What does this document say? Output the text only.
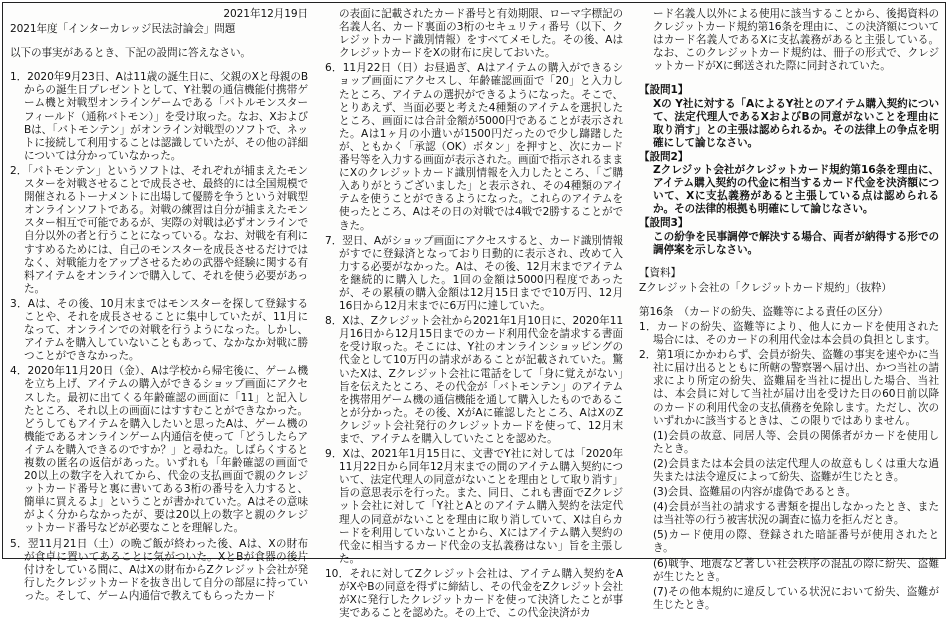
2021年12月19日
2021年度「インターカレッジ民法討論会」問題
以下の事実があるとき、下記の設問に答えなさい。
1．2020年9月23日、Aは11歳の誕生日に、父親のXと母親のBからの誕生日プレゼントとして、Y社製の通信機能付携帯ゲーム機と対戦型オンラインゲームである「バトルモンスターフィールド（通称バトモン）」を受け取った。なお、XおよびBは、「バトモンテン」がオンライン対戦型のソフトで、ネットに接続して利用することは認識していたが、その他の詳細については分かっていなかった。
2．「バトモンテン」というソフトは、それぞれが捕まえたモンスターを対戦させることで成長させ、最終的には全国規模で開催されるトーナメントに出場して優勝を争うという対戦型オンラインソフトである。対戦の練習は自分が捕まえたモンスター相互で可能であるが、実際の対戦は必ずオンラインで自分以外の者と行うことになっている。なお、対戦を有利にすすめるためには、自己のモンスターを成長させるだけではなく、対戦能力をアップさせるための武器や経験に関する有料アイテムをオンラインで購入して、それを使う必要があった。
3．Aは、その後、10月末まではモンスターを探して登録することや、それを成長させることに集中していたが、11月になって、オンラインでの対戦を行うようになった。しかし、アイテムを購入していないこともあって、なかなか対戦に勝つことができなかった。
4．2020年11月20日（金）、Aは学校から帰宅後に、ゲーム機を立ち上げ、アイテムの購入ができるショップ画面にアクセスした。最初に出てくる年齢確認の画面に「11」と記入したところ、それ以上の画面にはすすむことができなかった。どうしてもアイテムを購入したいと思ったAは、ゲーム機の機能であるオンラインゲーム内通信を使って「どうしたらアイテムを購入できるのですか？」と尋ねた。しばらくすると複数の匿名の返信があった。いずれも「年齢確認の画面で20以上の数字を入れてから、代金の支払画面で親のクレジットカード番号と裏に書いてある3桁の番号を入力すると、簡単に買えるよ」ということが書かれていた。Aはその意味がよく分からなかったが、要は20以上の数字と親のクレジットカード番号などが必要なことを理解した。
5．翌11月21日（土）の晩ご飯が終わった後、Aは、Xの財布が食卓に置いてあることに気がついた。XとBが食器の後片付けをしている間に、AはXの財布からZクレジット会社が発行したクレジットカードを抜き出して自分の部屋に持っていった。そして、ゲーム内通信で教えてもらったカード
の表面に記載されたカード番号と有効期限、ローマ字標記の名義人名、カード裏面の3桁のセキュリティ番号（以下、クレジットカード識別情報）をすべてメモした。その後、AはクレジットカードをXの財布に戻しておいた。
6．11月22日（日）お昼過ぎ、Aはアイテムの購入ができるショップ画面にアクセスし、年齢確認画面で「20」と入力したところ、アイテムの選択ができるようになった。そこで、とりあえず、当面必要と考えた4種類のアイテムを選択したところ、画面には合計金額が5000円であることが表示された。Aは1ヶ月の小遣いが1500円だったので少し躊躇したが、ともかく「承認（OK）ボタン」を押すと、次にカード番号等を入力する画面が表示された。画面で指示されるままにXのクレジットカード識別情報を入力したところ、「ご購入ありがとうございました」と表示され、その4種類のアイテムを使うことができるようになった。これらのアイテムを使ったところ、Aはその日の対戦では4戦で2勝することができた。
7．翌日、Aがショップ画面にアクセスすると、カード識別情報がすでに登録済となっており日動的に表示され、改めて入力する必要がなかった。Aは、その後、12月末までアイテムを継続的に購入した。1回の金額は5000円程度であったが、その累積の購入金額は12月15日までで10万円、12月16日から12月末までに6万円に達していた。
8．Xは、Zクレジット会社から2021年1月10日に、2020年11月16日から12月15日までのカード利用代金を請求する書面を受け取った。そこには、Y社のオンラインショッピングの代金として10万円の請求があることが記載されていた。驚いたXは、Zクレジット会社に電話をして「身に覚えがない」旨を伝えたところ、その代金が「バトモンテン」のアイテムを携帯用ゲーム機の通信機能を通して購入したものであることが分かった。その後、XがAに確認したところ、AはXのZクレジット会社発行のクレジットカードを使って、12月末まで、アイテムを購入していたことを認めた。
9．Xは、2021年1月15日に、文書でY社に対しては「2020年11月22日から同年12月末までの間のアイテム購入契約について、法定代理人の同意がないことを理由として取り消す」旨の意思表示を行った。また、同日、これも書面でZクレジット会社に対して「Y社とAとのアイテム購入契約を法定代理人の同意がないことを理由に取り消していて、Xは自らカードを利用していないことから、Xにはアイテム購入契約の代金に相当するカード代金の支払義務はない」旨を主張した。
10．それに対してZクレジット会社は、アイテム購入契約をAがXやBの同意を得ずに締結し、その代金をZクレジット会社がXに発行したクレジットカードを使って決済したことが事実であることを認めた。その上で、この代金決済がカ
ード名義人以外による使用に該当することから、後掲資料のクレジットカード規約第16条を理由に、この決済額についてはカード名義人であるXに支払義務があると主張している。なお、このクレジットカード規約は、冊子の形式で、クレジットカードがXに郵送された際に同封されていた。
【設問1】
Xの Y社に対する「AによるY社とのアイテム購入契約について、法定代理人であるXおよびBの同意がないことを理由に取り消す」との主張は認められるか。その法律上の争点を明確にして論じなさい。
【設問2】
Zクレジット会社がクレジットカード規約第16条を理由に、アイテム購入契約の代金に相当するカード代金を決済額について、Xに支払義務があると主張している点は認められるか。その法律的根拠も明確にして論じなさい。
【設問3】
この紛争を民事調停で解決する場合、両者が納得する形での調停案を示しなさい。
【資料】
Zクレジット会社の「クレジットカード規約」（抜粋）
第16条　（カードの紛失、盗難等による責任の区分）
1．カードの紛失、盗難等により、他人にカードを使用された場合には、そのカードの利用代金は本会員の負担とします。
2．第1項にかかわらず、会員が紛失、盗難の事実を速やかに当社に届け出るとともに所轄の警察署へ届け出、かつ当社の請求により所定の紛失、盗難届を当社に提出した場合、当社は、本会員に対して当社が届け出を受けた日の60日前以降のカードの利用代金の支払債務を免除します。ただし、次のいずれかに該当するときは、この限りではありません。
(1)会員の故意、同居人等、会員の関係者がカードを使用したとき。
(2)会員または本会員の法定代理人の故意もしくは重大な過失または法令違反によって紛失、盗難が生じたとき。
(3)会員、盗難届の内容が虚偽であるとき。
(4)会員が当社の請求する書類を提出しなかったとき、または当社等の行う被害状況の調査に協力を拒んだとき。
(5)カード使用の際、登録された暗証番号が使用されたとき。
(6)戦争、地震など著しい社会秩序の混乱の際に紛失、盗難が生じたとき。
(7)その他本規約に違反している状況において紛失、盗難が生じたとき。
